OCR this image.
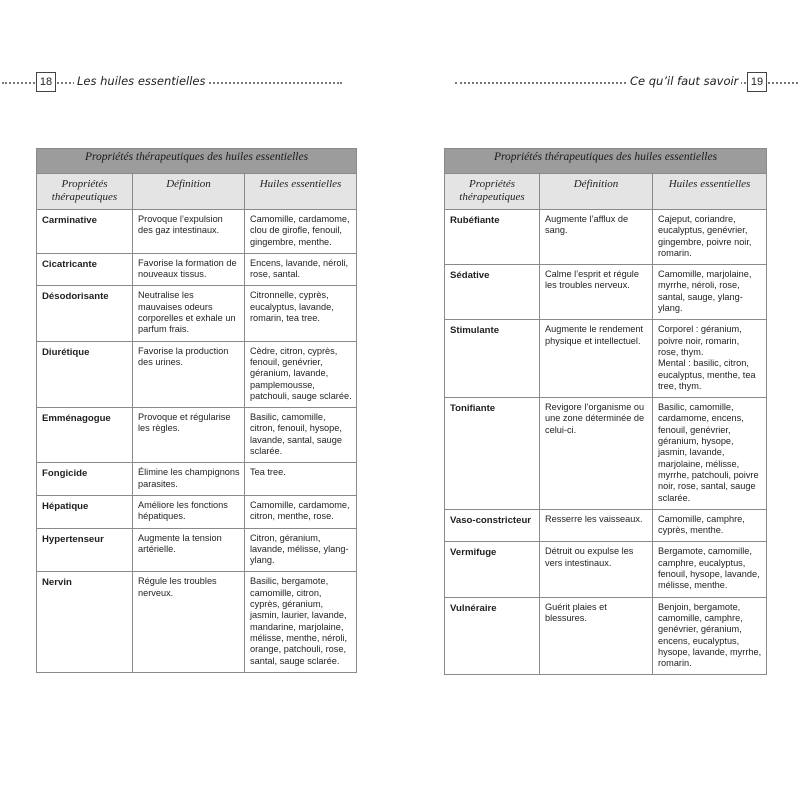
18	Les huiles essentielles	Ce qu’il faut savoir	19
Propriétés thérapeutiques des huiles essentielles		
Propriétés thérapeutiques	Définition	Huiles essentielles
Carminative	Provoque l’expulsion des gaz intestinaux.	Camomille, cardamome, clou de girofle, fenouil, gingembre, menthe.
Cicatricante	Favorise la formation de nouveaux tissus.	Encens, lavande, néroli, rose, santal.
Désodorisante	Neutralise les mauvaises odeurs corporelles et exhale un parfum frais.	Citronnelle, cyprès, eucalyptus, lavande, romarin, tea tree.
Diurétique	Favorise la production des urines.	Cèdre, citron, cyprès, fenouil, genévrier, géranium, lavande, pamplemousse, patchouli, sauge sclarée.
Emménagogue	Provoque et régularise les règles.	Basilic, camomille, citron, fenouil, hysope, lavande, santal, sauge sclarée.
Fongicide	Élimine les champignons parasites.	Tea tree.
Hépatique	Améliore les fonctions hépatiques.	Camomille, cardamome, citron, menthe, rose.
Hypertenseur	Augmente la tension artérielle.	Citron, géranium, lavande, mélisse, ylang-ylang.
Nervin	Régule les troubles nerveux.	Basilic, bergamote, camomille, citron, cyprès, géranium, jasmin, laurier, lavande, mandarine, marjolaine, mélisse, menthe, néroli, orange, patchouli, rose, santal, sauge sclarée.
Propriétés thérapeutiques des huiles essentielles		
Propriétés thérapeutiques	Définition	Huiles essentielles
Rubéfiante	Augmente l’afflux de sang.	Cajeput, coriandre, eucalyptus, genévrier, gingembre, poivre noir, romarin.
Sédative	Calme l’esprit et régule les troubles nerveux.	Camomille, marjolaine, myrrhe, néroli, rose, santal, sauge, ylang-ylang.
Stimulante	Augmente le rendement physique et intellectuel.	Corporel : géranium, poivre noir, romarin, rose, thym.
Mental : basilic, citron, eucalyptus, menthe, tea tree, thym.
Tonifiante	Revigore l’organisme ou une zone déterminée de celui-ci.	Basilic, camomille, cardamome, encens, fenouil, genévrier, géranium, hysope, jasmin, lavande, marjolaine, mélisse, myrrhe, patchouli, poivre noir, rose, santal, sauge sclarée.
Vaso-constricteur	Resserre les vaisseaux.	Camomille, camphre, cyprès, menthe.
Vermifuge	Détruit ou expulse les vers intestinaux.	Bergamote, camomille, camphre, eucalyptus, fenouil, hysope, lavande, mélisse, menthe.
Vulnéraire	Guérit plaies et blessures.	Benjoin, bergamote, camomille, camphre, genévrier, géranium, encens, eucalyptus, hysope, lavande, myrrhe, romarin.
